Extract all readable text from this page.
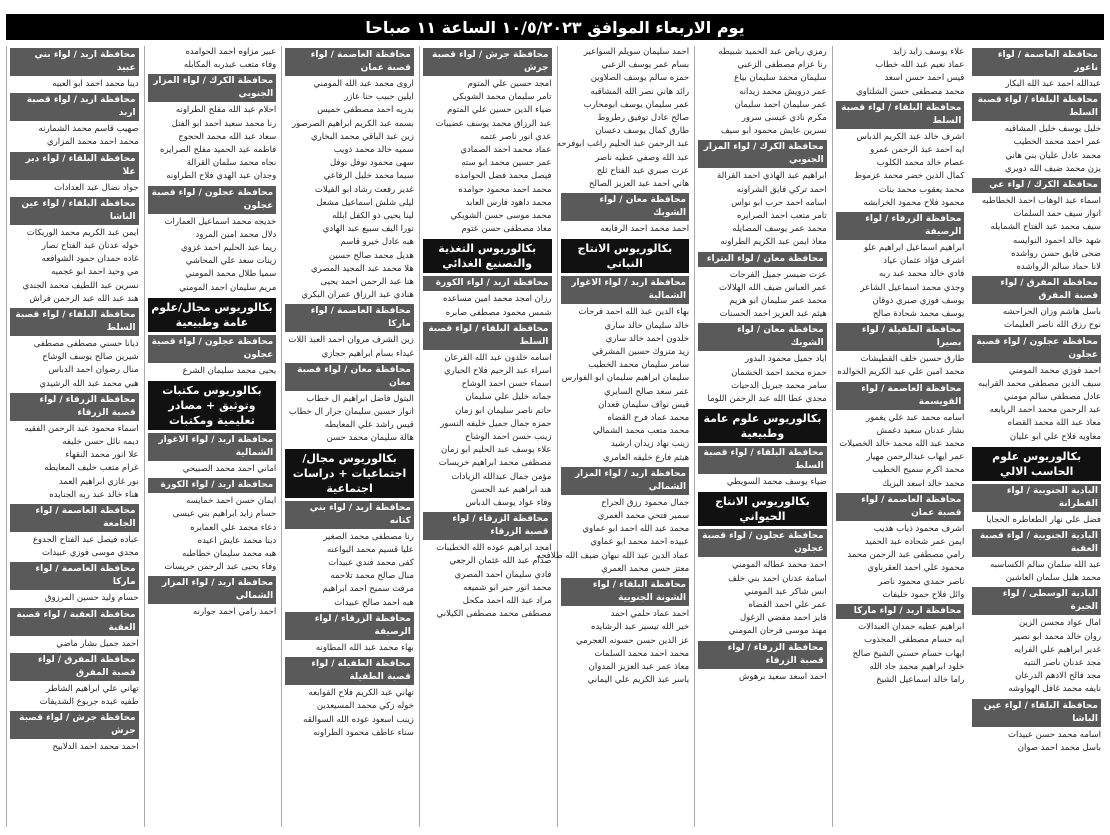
يوم الاربعاء الموافق ١٠/٥/٢٠٢٣ الساعة ١١ صباحا
محافظة العاصمة / لواء ناعور
عبدالله احمد عبد الله البكار
محافظة البلقاء / لواء قصبة السلط
خليل يوسف خليل المشاقبه
عمر احمد محمد الخطيب
محمد عادل عليان بني هاني
يزن محمد ضيف الله دويري
محافظة الكرك / لواء عي
اسماء عبد الوهاب احمد الخطاطبه
انوار سيف حمد السلمات
سيف محمد عبد الفتاح الشمايله
شهد خالد احمود النوايسه
ضحى فايق حسن رواشده
لانا حماد سالم الرواشده
محافظة المفرق / لواء قصبة المفرق
باسل هاشم وزان الحراحشه
نوح رزق الله ناصر العليمات
محافظة عجلون / لواء قصبة عجلون
احمد فوزي محمد المومني
سيف الدين مصطفى محمد القرايبه
عادل مصطفى سالم مومني
عبد الرحمن محمد احمد الربابعه
معاذ عبد الله محمد القضاه
معاويه فلاح علي ابو عليان
بكالوريوس علوم الحاسب الالي
البادية الجنوبية / لواء القطرانة
فضل علي نهار الطعاطره الحجايا
البادية الجنوبية / لواء قصبة العقبة
عبد الله سلمان سالم الكساسبه
محمد هليل سلمان العاشين
البادية الوسطى / لواء الجيزة
امال عواد محسن الزين
روان خالد محمد ابو نصير
غدير ابراهيم علي الفرايه
مجد عدنان ناصر النتيه
مجد فالح الادهم الدرعان
نايفه محمد غافل الهواوشه
محافظة البلقاء / لواء عين الباشا
اسامه محمد حسن عبيدات
باسل محمد احمد صوان
علاء يوسف زايد زايد
عماد نعيم عبد الله خطاب
قيس احمد حسن اسعد
محمد مصطفى حسن الشلتاوي
محافظة البلقاء / لواء قصبة السلط
اشرف خالد عبد الكريم الدباس
ايه احمد عبد الرحمن عمرو
عصام خالد محمد الكلوب
كمال الدين خضر محمد عزموط
محمد يعقوب محمد بنات
محمود فلاح محمود الخرابشه
محافظة الزرقاء / لواء الرصيفة
ابراهيم اسماعيل ابراهيم علو
اشرف فؤاد عثمان عياد
فادي خالد محمد عبد ربه
وجدي محمد اسماعيل الشاعر
يوسف فوزي صبري ذوقان
يوسف محمد شحادة صالح
محافظة الطفيلة / لواء بصيرا
طارق حسين خلف القطيشات
محمد امين علي عبد الكريم الخوالده
محافظة العاصمة / لواء القويسمة
اسامه محمد عبد علي يغمور
بشار عدنان سعيد دغمش
محمد عبد الله محمد خالد الخصيلات
عمر ايهاب عبدالرحمن مهيار
محمد اكرم سميح الخطيب
محمد خالد اسعد اليزيك
محافظة العاصمة / لواء قصبة عمان
اشرف محمود ذياب هديب
ايمن عمر شحاده عبد الحميد
رامي مصطفى عبد الرحمن محمد
محمود علي احمد العقرباوي
ناصر حمدي محمود ناصر
وائل فلاح حمود خليفات
محافظة اربد / لواء مارکا
ابراهيم عطيه حمدان العبدالات
ايه حسام مصطفى المجذوب
ايهاب حسام حسني الشيخ صالح
خلود ابراهيم محمد جاد الله
راما خالد اسماعيل الشيخ
رمزي رياض عبد الحميد شبيطه
رنا عزام مصطفى الزعبي
سليمان محمد سليمان بياع
عمر درويش محمد زيدانه
عمر سليمان احمد سليمان
مكرم نادي عيسى سرور
نسرين عايش محمود ابو سيف
محافظة الكرك / لواء المزار الجنوبي
ابراهيم عبد الهادي احمد القرالة
احمد تركي فايق الشراونه
اسامه احمد حرب ابو نواس
تامر متعب احمد الصرايره
محمد عمر يوسف المصايله
معاذ ايمن عبد الكريم الطراونه
محافظة معان / لواء البتراء
عزت ضيسر جميل الفرجات
عمر العباس ضيف الله الهلالات
محمد عمر سليمان ابو هزيم
هيثم عبد العزيز احمد الحسنات
محافظة معان / لواء الشوبك
اياد جميل محمود البدور
حمزه محمد احمد الخشمان
سامر محمد جبريل الدحيات
مجدي عطا الله عبد الرحمن اللوما
بكالوريوس علوم عامة وطبيعية
محافظة البلقاء / لواء قصبة السلط
ضياء يوسف محمد السويطي
بكالوريوس الانتاج الحيواني
محافظة عجلون / لواء قصبة عجلون
احمد محمد عطاله المومني
اسامة عدنان احمد بني خلف
انس شاكر عبد المومني
عمر علي احمد القضاه
فايز احمد مفضي الزغول
مهند موسى فرحان المومني
محافظة الزرقاء / لواء قصبة الزرقاء
احمد اسعد سعيد برهوش
احمد سليمان سويلم السواعير
بسام عمر يوسف الزعبي
حمزه سالم يوسف الصلاوين
رائد هاني نصر الله المشاقبه
عمر سليمان يوسف ابومحارب
صالح عادل توفيق رطروط
طارق كمال يوسف دعسان
عبد الرحمن عبد الحليم راغب ابوفرحه
عبد الله وصفي عطيه ناصر
عزت صبري عبد الفتاح ثلج
هاني احمد عبد العزيز الصالح
محافظة معان / لواء الشوبك
احمد محمد احمد الرفايعه
بكالوريوس الانتاج النباتي
محافظة اربد / لواء الاغوار الشمالية
بهاء الدين عبد الله احمد فرحات
خالد سليمان خالد ساري
خلدون احمد خالد ساري
زيد متروك حسين المشرقي
سامر سليمان محمد الخطيب
سليمان ابراهيم سليمان ابو الفوارس
عمر سعد صالح السايري
قيس نواف سليمان قعدان
محمد عماد فرح القضاه
محمد متعب محمد الشمالي
زينب نهاد زيدان ارشيد
هيثم فارع خليفه العامري
محافظة اربد / لواء المزار الشمالي
جمال محمود رزق الجراح
سمير فتحي محمد العمري
محمد عبد الله احمد ابو عماوي
عبيده احمد محمد ابو عماوي
عماد الدين عبد الله نبهان ضيف الله طلافحه
معتز حسن محمد العمري
محافظة البلقاء / لواء الشونة الجنوبية
احمد عماد حلمي احمد
خير الله تيسير عبد الرشايده
عز الدين حسن حسونه العجرمي
محمد احمد محمد السلمات
معاذ عمر عبد العزيز المدوان
ياسر عبد الكريم علي اليماني
محافظة جرش / لواء قصبة جرش
امجد حسين علي المتوم
تامر سليمان محمد الشوبكي
ضياء الدين حسين علي المتوم
عبد الرزاق محمد يوسف عضيبات
عدي انور ناصر عتمه
عماد محمد احمد الصمادي
عمر حسين محمد ابو سته
فيصل محمد فضل الحوامده
محمد احمد محمود حوامده
محمد داهود فارس العابد
محمد موسى حسن الشويكي
معاذ مصطفى حسن عتوم
بكالوريوس التغذية والتصنيع الغذائي
محافظة اربد / لواء الكورة
رزان امجد محمد امين مساعده
شمس محمود مصطفى صابره
محافظة البلقاء / لواء قصبة السلط
اسامه خلدون عبد الله القرعان
اسراء عبد الرحيم فلاح الحياري
اسماء حسن احمد الوشاح
جمانه خليل علي سليمان
حاتم ناصر سليمان ابو زمان
حمزه جمال جميل خليفه النسور
زينب حسن احمد الوشاح
علاء يوسف عبد الحليم ابو زمان
مصطفى محمد ابراهيم خريسات
مؤمن جمال عبدالله الزيادات
هند ابراهيم عبد الحسن
وفاء عواد يوسف الدباس
محافظة الزرقاء / لواء قصبة الزرقاء
امجد ابراهيم عوده الله الخطيبات
صدام عبد الله عثمان الرجعي
فادي سليمان احمد المصري
محمد انور جبر ابو شميعه
مراد عبد الله احمد مكحل
مصطفى محمد مصطفى الكيلاني
محافظة العاصمة / لواء قصبة عمان
اروى محمد عبد الله المومني
ايلين حبيب حنا عازر
بدريه احمد مصطفى خميس
بسمه عبد الكريم ابراهيم الصرصور
زين عبد الباقي محمد البخاري
سميه خالد محمد ذويب
سهى محمود نوفل نوفل
سيما محمد خليل الرفاعي
غدير رفعت رشاد ابو الفيلات
ليلى شلش اسماعيل مشعل
لينا يحيى ذو الكفل ابلله
نورا اليف سبيع عبد الهادي
هبه عادل خيرو قاسم
هديل محمد صالح حسين
هلا محمد عبد المجيد المصري
هنا عبد الرحمن احمد يحيى
هنادي عبد الرزاق عمران البكري
محافظة العاصمة / لواء ماركا
زين الشرف مروان احمد العبد اللات
غيداء بسام ابراهيم حجازي
محافظة معان / لواء قصبة معان
البتول فاضل ابراهيم ال خطاب
انوار حسين سليمان جرار ال خطاب
قيس راشد علي المعايطه
هالة سليمان محمد حسن
بكالوريوس مجال/اجتماعيات + دراسات اجتماعية
محافظة اربد / لواء بني كنانه
رنا مصطفى محمد الصغير
عليا قسيم محمد البواعنه
كفى محمد فندي عبيدات
منال صالح محمد تلاحمه
مرفت سميح احمد ابراهيم
هبه احمد صالح عبيدات
محافظة الزرقاء / لواء الرصيفة
بهاء محمد عبد الله المطاونه
محافظة الطفيلة / لواء قصبة الطفيلة
تهاني عبد الكريم فلاح القوابعه
خوله زكي محمد المسيعدين
زينب اسعود عوده الله السوالقه
سناء عاطف محمود الطراونه
عبير مزاوه احمد الحوامده
وفاء متعب عبدربه المكابله
محافظة الكرك / لواء المزار الجنوبي
احلام عبد الله مفلح الطراونه
رنا محمد سعيد احمد ابو الفتل
سعاد عبد الله محمد الحجوج
فاطمه عبد الحميد مفلح الصرايره
نجاه محمد سلمان القرالة
وجدان عبد الهدي فلاح الطراونه
محافظة عجلون / لواء قصبة عجلون
خديجه محمد اسماعيل العمارات
دلال محمد امين المرود
ريما عبد الحليم احمد غزوي
زينات سعد علي المحاشي
سميا طلال محمد المومني
مريم سليمان احمد المومني
بكالوريوس مجال/علوم عامة وطبيعية
محافظة عجلون / لواء قصبة عجلون
يحيى محمد سليمان الشرع
بكالوريوس مكتبات وتوثيق + مصادر تعليمية ومكتبات
محافظة اربد / لواء الاغوار الشمالية
اماني احمد محمد الصبيحي
محافظة اربد / لواء الكورة
ايمان حسن احمد خمايسه
حسام زايد ابراهيم بني عيسى
دعاء محمد علي العمايره
دينا محمد عايش اعيده
هبه محمد سليمان خطاطبه
وفاء يحيى عبد الرحمن خريسات
محافظة اربد / لواء المزار الشمالي
احمد رامي احمد جوارنه
محافظة اربد / لواء بني عبيد
دينا محمد احمد ابو العبيه
محافظة اربد / لواء قصبة اربد
صهيب قاسم محمد الشمارنه
محمد احمد محمد المزاري
محافظة البلقاء / لواء دير علا
جواد نضال عبد العدادات
محافظة البلقاء / لواء عين الباشا
ايمن عبد الكريم محمد الوريكات
خوله عدنان عبد الفتاح نصار
غاده حمدان حمود الشوافعه
مي وحيد احمد ابو عجميه
نسرين عبد اللطيف محمد الجندي
هند عبد الله عبد الرحمن فراش
محافظة البلقاء / لواء قصبة السلط
ديانا حسني مصطفى مصطفى
شيرين صالح يوسف الوشاح
منال رضوان احمد الدباس
هبي محمد عبد الله الرشيدي
محافظة الزرقاء / لواء قصبة الزرقاء
اسماء محمود عبد الرحمن الفقيه
ديمه نائل حسن خليفه
علا انور محمد النقهاء
غرام متعب خليف المعايطه
نور غازي ابراهيم العمد
هناء خالد عبد ربه الجنايده
محافظة العاصمة / لواء الجامعة
عباده فيصل عبد الفتاح الجدوع
مجدي موسى فوزي عبيدات
محافظة العاصمة / لواء ماركا
حسام وليد حسين المرزوق
محافظة العقبة / لواء قصبة العقبة
احمد جميل بشار ماضي
محافظة المفرق / لواء قصبة المفرق
تهاني علي ابراهيم الشاطر
طفيه عبده جربوع الشديفات
محافظة جرش / لواء قصبة جرش
احمد محمد احمد الدلابيح
